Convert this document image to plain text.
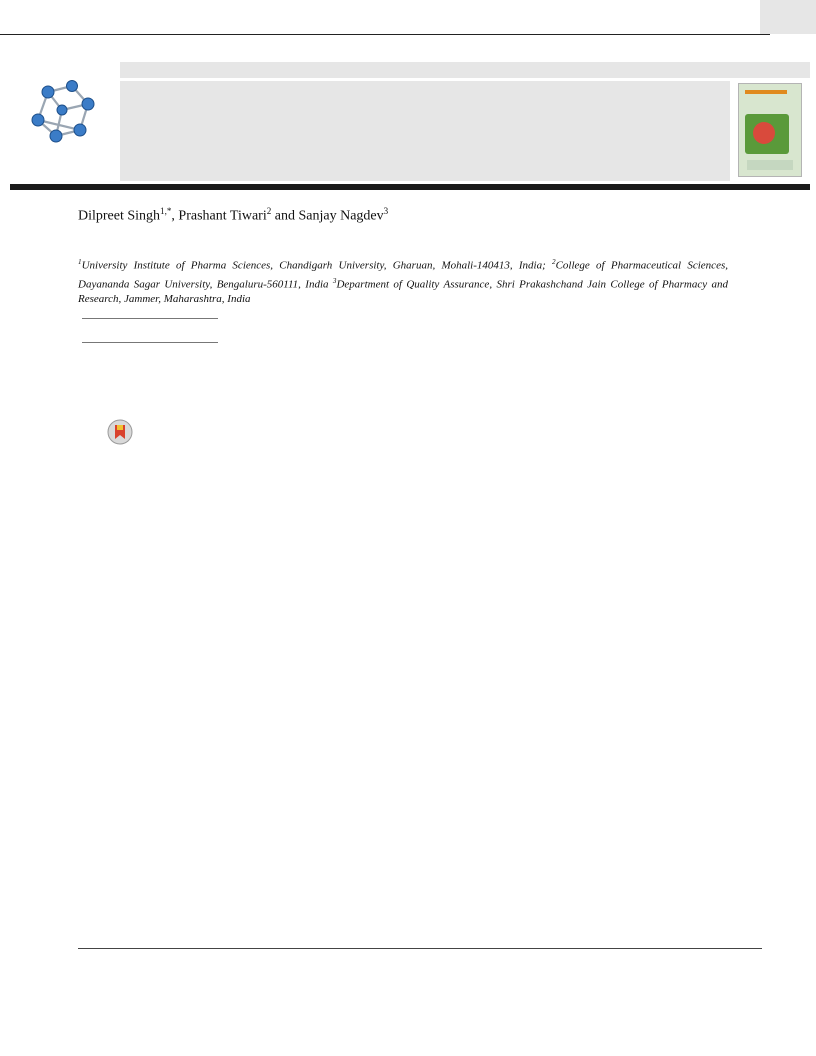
Dilpreet Singh$^{1,*}$, Prashant Tiwari$^2$ and Sanjay Nagdev$^3$
$^1$University Institute of Pharma Sciences, Chandigarh University, Gharuan, Mohali-140413, India; $^2$College of Pharmaceutical Sciences, Dayananda Sagar University, Bengaluru-560111, India $^3$Department of Quality Assurance, Shri Prakashchand Jain College of Pharmacy and Research, Jammer, Maharashtra, India
